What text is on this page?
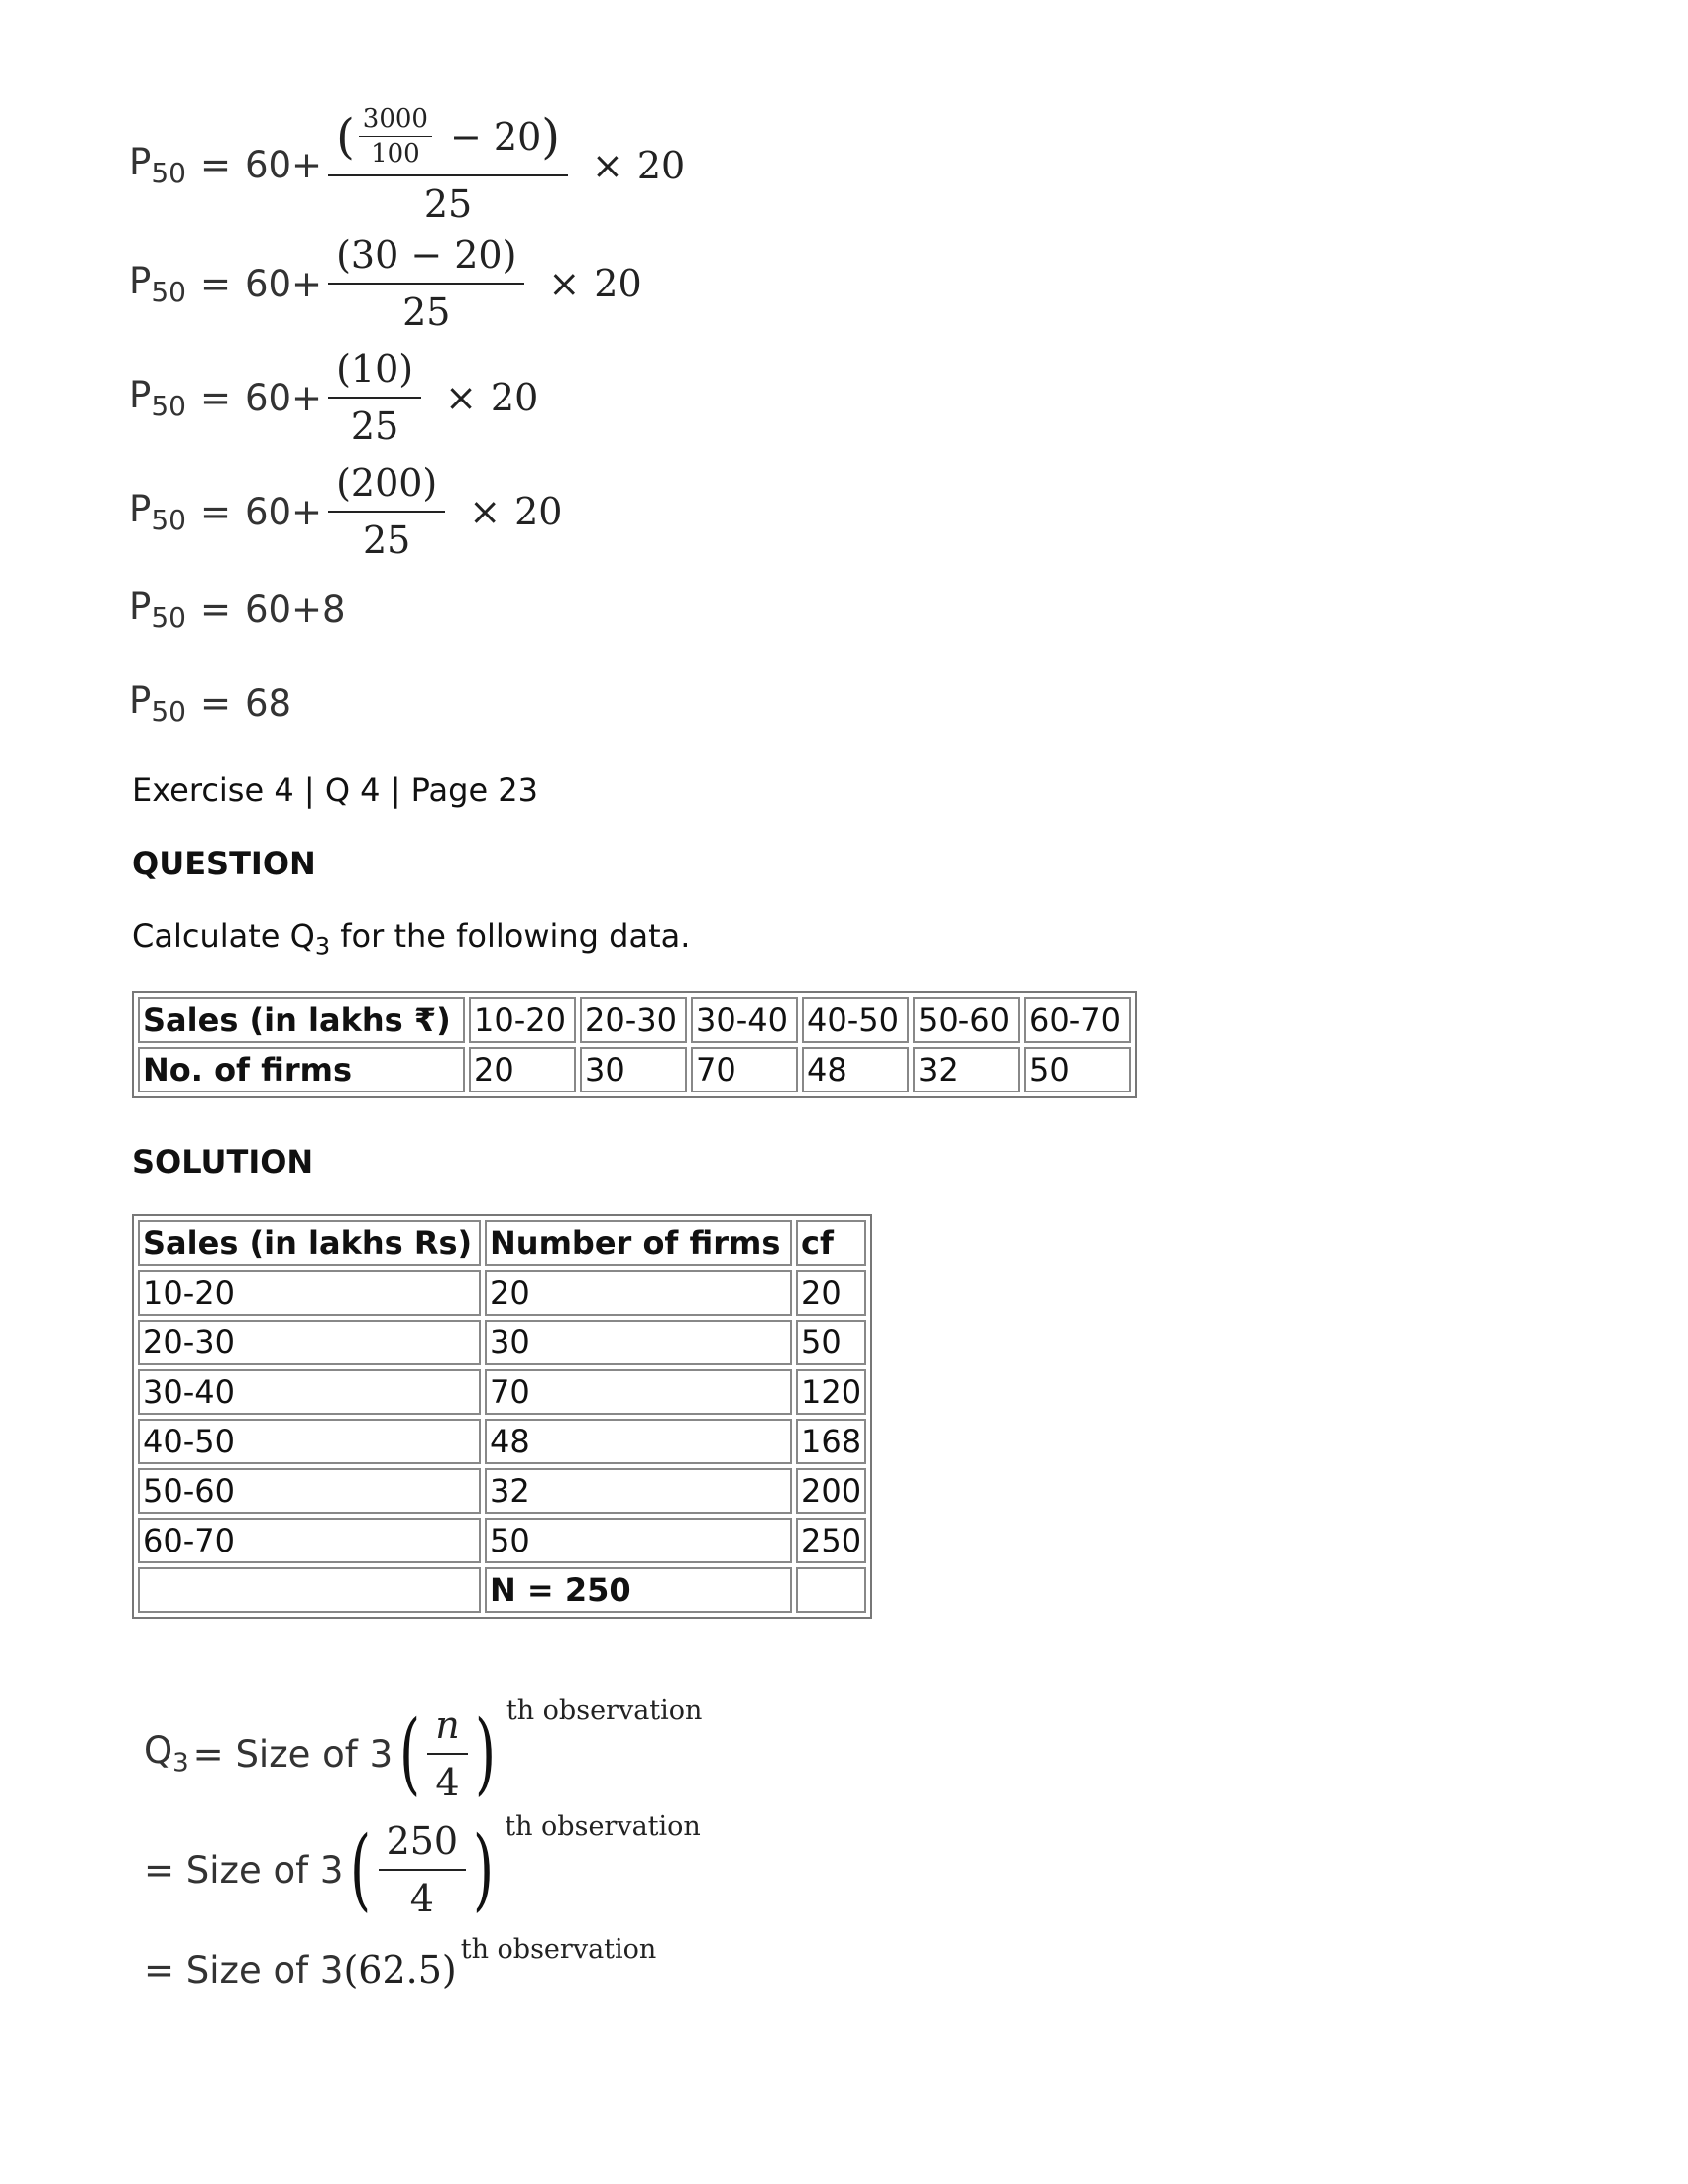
$P_{50} = 60+ \frac{( \frac{3000}{100} - 20 )}{25} \times 20$
$P_{50} = 60+ \frac{(30 - 20)}{25} \times 20$
$P_{50} = 60+ \frac{(10)}{25} \times 20$
$P_{50} = 60+ \frac{(200)}{25} \times 20$
$P_{50} = 60+8$
$P_{50} = 68$
Exercise 4 | Q 4 | Page 23
QUESTION
Calculate $Q_3$ for the following data.
Sales (in lakhs ₹)	10-20	20-30	30-40	40-50	50-60	60-70
No. of firms	20	30	70	48	32	50
SOLUTION
Sales (in lakhs Rs)	Number of firms	cf
10-20	20	20
20-30	30	50
30-40	70	120
40-50	48	168
50-60	32	200
60-70	50	250
	N = 250	
$Q_3$ = Size of 3 ( $\frac{n}{4}$ ) th observation
= Size of 3 ( $\frac{250}{4}$ ) th observation
= Size of 3 (62.5) th observation
